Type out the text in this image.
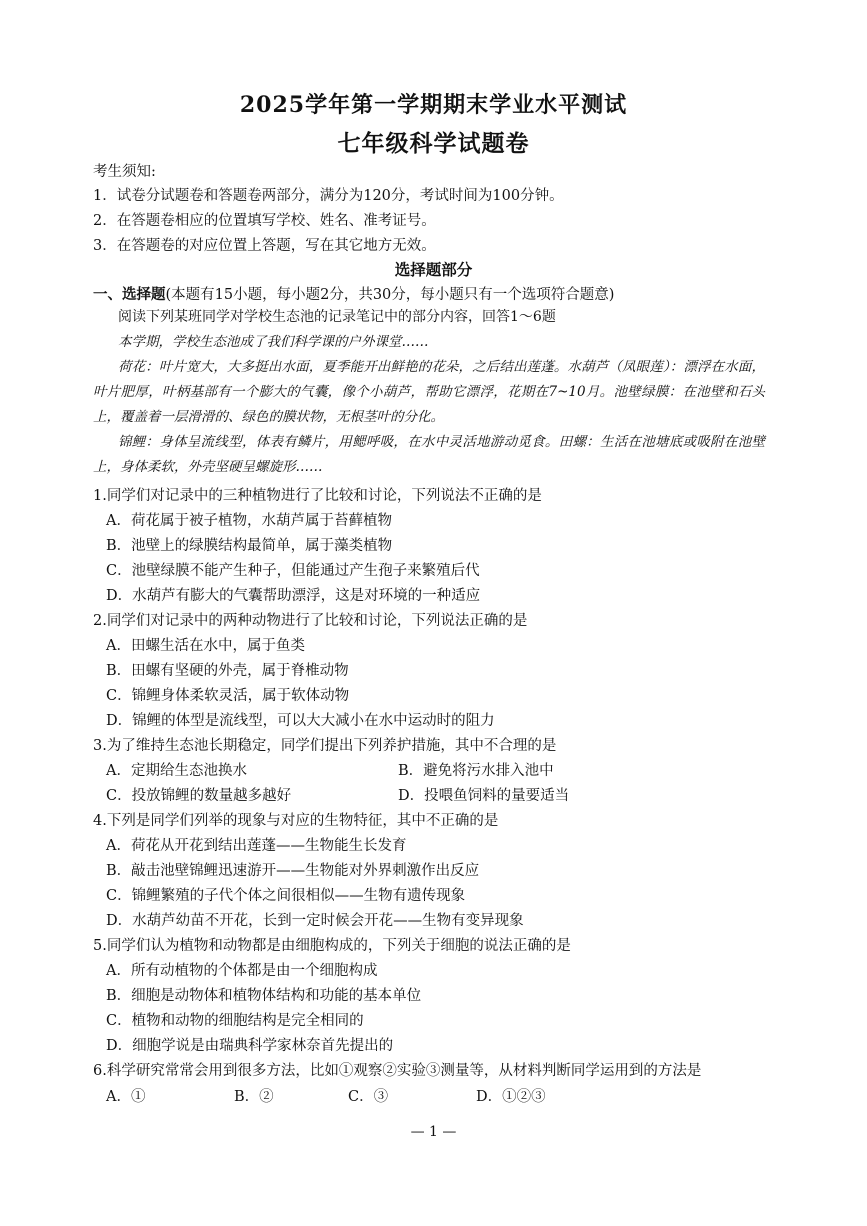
2025学年第一学期期末学业水平测试
七年级科学试题卷
考生须知:
1．试卷分试题卷和答题卷两部分，满分为120分，考试时间为100分钟。
2．在答题卷相应的位置填写学校、姓名、准考证号。
3．在答题卷的对应位置上答题，写在其它地方无效。
选择题部分
一、选择题(本题有15小题，每小题2分，共30分，每小题只有一个选项符合题意)
阅读下列某班同学对学校生态池的记录笔记中的部分内容，回答1～6题
本学期，学校生态池成了我们科学课的户外课堂……
荷花：叶片宽大，大多挺出水面，夏季能开出鲜艳的花朵，之后结出莲蓬。水葫芦（凤眼莲）：漂浮在水面，叶片肥厚，叶柄基部有一个膨大的气囊，像个小葫芦，帮助它漂浮，花期在7~10月。池壁绿膜：在池壁和石头上，覆盖着一层滑滑的、绿色的膜状物，无根茎叶的分化。
锦鲤：身体呈流线型，体表有鳞片，用鳃呼吸，在水中灵活地游动觅食。田螺：生活在池塘底或吸附在池壁上，身体柔软，外壳坚硬呈螺旋形……
1.同学们对记录中的三种植物进行了比较和讨论，下列说法不正确的是
A．荷花属于被子植物，水葫芦属于苔藓植物
B．池壁上的绿膜结构最简单，属于藻类植物
C．池壁绿膜不能产生种子，但能通过产生孢子来繁殖后代
D．水葫芦有膨大的气囊帮助漂浮，这是对环境的一种适应
2.同学们对记录中的两种动物进行了比较和讨论，下列说法正确的是
A．田螺生活在水中，属于鱼类
B．田螺有坚硬的外壳，属于脊椎动物
C．锦鲤身体柔软灵活，属于软体动物
D．锦鲤的体型是流线型，可以大大减小在水中运动时的阻力
3.为了维持生态池长期稳定，同学们提出下列养护措施，其中不合理的是
A．定期给生态池换水	B．避免将污水排入池中
C．投放锦鲤的数量越多越好	D．投喂鱼饲料的量要适当
4.下列是同学们列举的现象与对应的生物特征，其中不正确的是
A．荷花从开花到结出莲蓬——生物能生长发育
B．敲击池壁锦鲤迅速游开——生物能对外界刺激作出反应
C．锦鲤繁殖的子代个体之间很相似——生物有遗传现象
D．水葫芦幼苗不开花，长到一定时候会开花——生物有变异现象
5.同学们认为植物和动物都是由细胞构成的，下列关于细胞的说法正确的是
A．所有动植物的个体都是由一个细胞构成
B．细胞是动物体和植物体结构和功能的基本单位
C．植物和动物的细胞结构是完全相同的
D．细胞学说是由瑞典科学家林奈首先提出的
6.科学研究常常会用到很多方法，比如①观察②实验③测量等，从材料判断同学运用到的方法是
A．①	B．②	C．③	D．①②③
— 1 —
